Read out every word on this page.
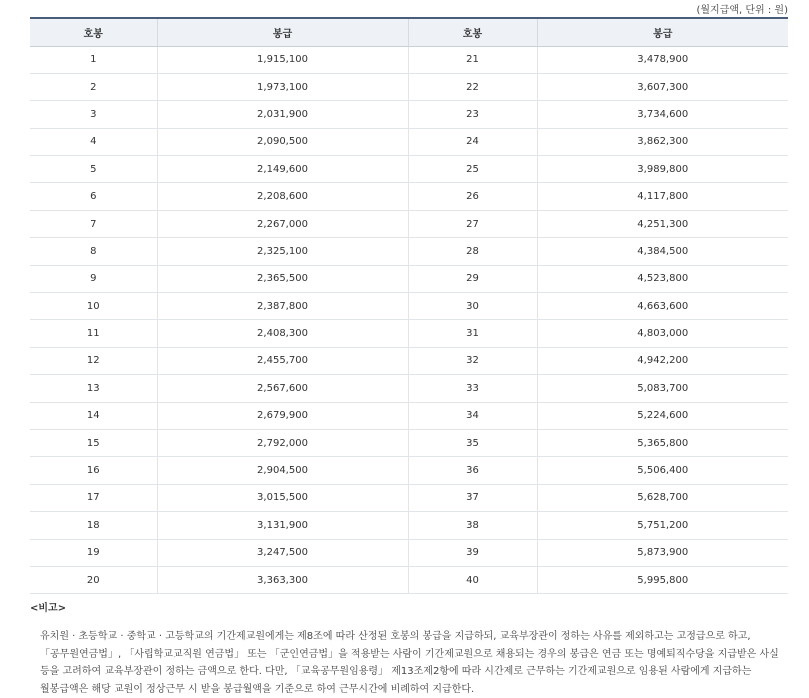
(월지급액, 단위 : 원)
호봉	봉급	호봉	봉급
1	1,915,100	21	3,478,900
2	1,973,100	22	3,607,300
3	2,031,900	23	3,734,600
4	2,090,500	24	3,862,300
5	2,149,600	25	3,989,800
6	2,208,600	26	4,117,800
7	2,267,000	27	4,251,300
8	2,325,100	28	4,384,500
9	2,365,500	29	4,523,800
10	2,387,800	30	4,663,600
11	2,408,300	31	4,803,000
12	2,455,700	32	4,942,200
13	2,567,600	33	5,083,700
14	2,679,900	34	5,224,600
15	2,792,000	35	5,365,800
16	2,904,500	36	5,506,400
17	3,015,500	37	5,628,700
18	3,131,900	38	5,751,200
19	3,247,500	39	5,873,900
20	3,363,300	40	5,995,800

<비고>

유치원 · 초등학교 · 중학교 · 고등학교의 기간제교원에게는 제8조에 따라 산정된 호봉의 봉급을 지급하되, 교육부장관이 정하는 사유를 제외하고는 고정급으로 하고, 「공무원연금법」, 「사립학교교직원 연금법」 또는 「군인연금법」을 적용받는 사람이 기간제교원으로 채용되는 경우의 봉급은 연금 또는 명예퇴직수당을 지급받은 사실 등을 고려하여 교육부장관이 정하는 금액으로 한다. 다만, 「교육공무원임용령」 제13조제2항에 따라 시간제로 근무하는 기간제교원으로 임용된 사람에게 지급하는 월봉급액은 해당 교원이 정상근무 시 받을 봉급월액을 기준으로 하여 근무시간에 비례하여 지급한다.
